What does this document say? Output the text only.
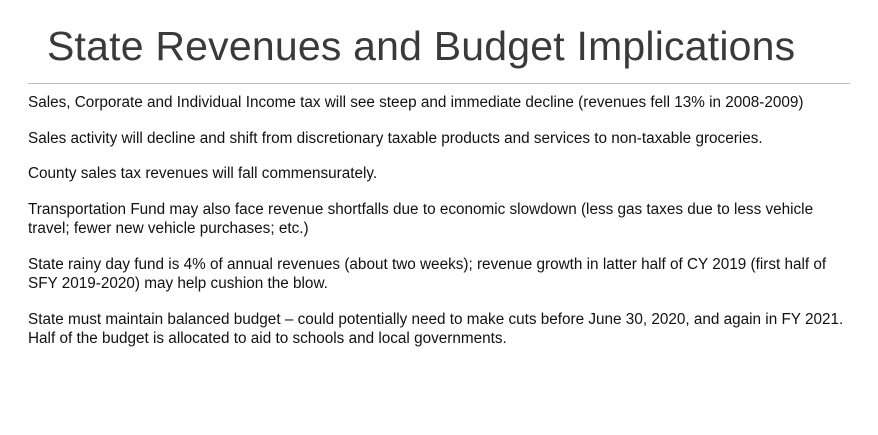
State Revenues and Budget Implications
Sales, Corporate and Individual Income tax will see steep and immediate decline (revenues fell 13% in 2008-2009)
Sales activity will decline and shift from discretionary taxable products and services to non-taxable groceries.
County sales tax revenues will fall commensurately.
Transportation Fund may also face revenue shortfalls due to economic slowdown (less gas taxes due to less vehicle travel; fewer new vehicle purchases; etc.)
State rainy day fund is 4% of annual revenues (about two weeks); revenue growth in latter half of CY 2019 (first half of SFY 2019-2020) may help cushion the blow.
State must maintain balanced budget – could potentially need to make cuts before June 30, 2020, and again in FY 2021. Half of the budget is allocated to aid to schools and local governments.
